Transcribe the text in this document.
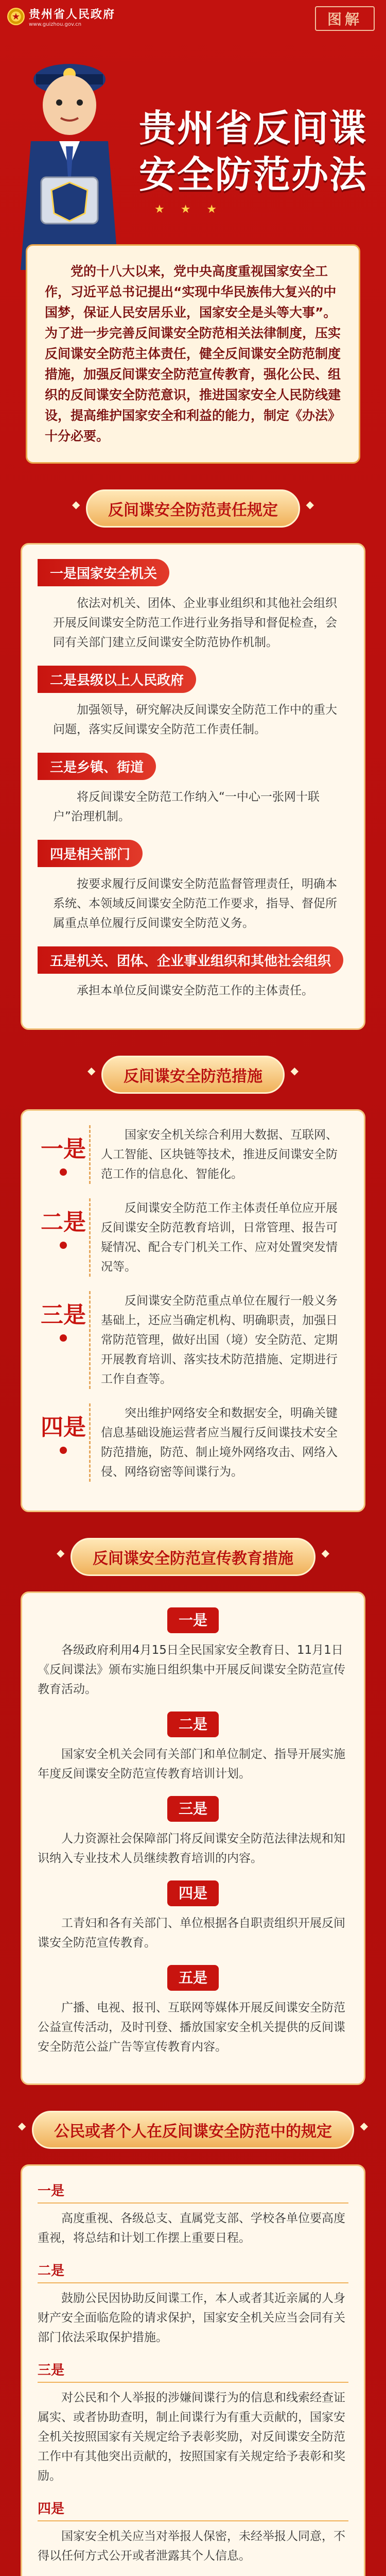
★ 贵州省人民政府
www.guizhou.gov.cn	图解
贵州省反间谍
安全防范办法
★ ★ ★

党的十八大以来，党中央高度重视国家安全工作，习近平总书记提出“实现中华民族伟大复兴的中国梦，保证人民安居乐业，国家安全是头等大事”。为了进一步完善反间谍安全防范相关法律制度，压实反间谍安全防范主体责任，健全反间谍安全防范制度措施，加强反间谍安全防范宣传教育，强化公民、组织的反间谍安全防范意识，推进国家安全人民防线建设，提高维护国家安全和利益的能力，制定《办法》十分必要。

◆ 反间谍安全防范责任规定 ◆
一是国家安全机关
依法对机关、团体、企业事业组织和其他社会组织开展反间谍安全防范工作进行业务指导和督促检查，会同有关部门建立反间谍安全防范协作机制。
二是县级以上人民政府
加强领导，研究解决反间谍安全防范工作中的重大问题，落实反间谍安全防范工作责任制。
三是乡镇、街道
将反间谍安全防范工作纳入“一中心一张网十联户”治理机制。
四是相关部门
按要求履行反间谍安全防范监督管理责任，明确本系统、本领域反间谍安全防范工作要求，指导、督促所属重点单位履行反间谍安全防范义务。
五是机关、团体、企业事业组织和其他社会组织
承担本单位反间谍安全防范工作的主体责任。
◆ 反间谍安全防范措施 ◆
一是
国家安全机关综合利用大数据、互联网、人工智能、区块链等技术，推进反间谍安全防范工作的信息化、智能化。
二是
反间谍安全防范工作主体责任单位应开展反间谍安全防范教育培训，日常管理、报告可疑情况、配合专门机关工作、应对处置突发情况等。
三是
反间谍安全防范重点单位在履行一般义务基础上，还应当确定机构、明确职责，加强日常防范管理，做好出国（境）安全防范、定期开展教育培训、落实技术防范措施、定期进行工作自查等。
四是
突出维护网络安全和数据安全，明确关键信息基础设施运营者应当履行反间谍技术安全防范措施，防范、制止境外网络攻击、网络入侵、网络窃密等间谍行为。
◆ 反间谍安全防范宣传教育措施 ◆
一是
各级政府利用4月15日全民国家安全教育日、11月1日《反间谍法》颁布实施日组织集中开展反间谍安全防范宣传教育活动。
二是
国家安全机关会同有关部门和单位制定、指导开展实施年度反间谍安全防范宣传教育培训计划。
三是
人力资源社会保障部门将反间谍安全防范法律法规和知识纳入专业技术人员继续教育培训的内容。
四是
工青妇和各有关部门、单位根据各自职责组织开展反间谍安全防范宣传教育。
五是
广播、电视、报刊、互联网等媒体开展反间谍安全防范公益宣传活动，及时刊登、播放国家安全机关提供的反间谍安全防范公益广告等宣传教育内容。
◆ 公民或者个人在反间谍安全防范中的规定 ◆
一是
高度重视、各级总支、直属党支部、学校各单位要高度重视，将总结和计划工作摆上重要日程。
二是
鼓励公民因协助反间谍工作，本人或者其近亲属的人身财产安全面临危险的请求保护，国家安全机关应当会同有关部门依法采取保护措施。
三是
对公民和个人举报的涉嫌间谍行为的信息和线索经查证属实、或者协助查明，制止间谍行为有重大贡献的，国家安全机关按照国家有关规定给予表彰奖励，对反间谍安全防范工作中有其他突出贡献的，按照国家有关规定给予表彰和奖励。
四是
国家安全机关应当对举报人保密，未经举报人同意，不得以任何方式公开或者泄露其个人信息。
